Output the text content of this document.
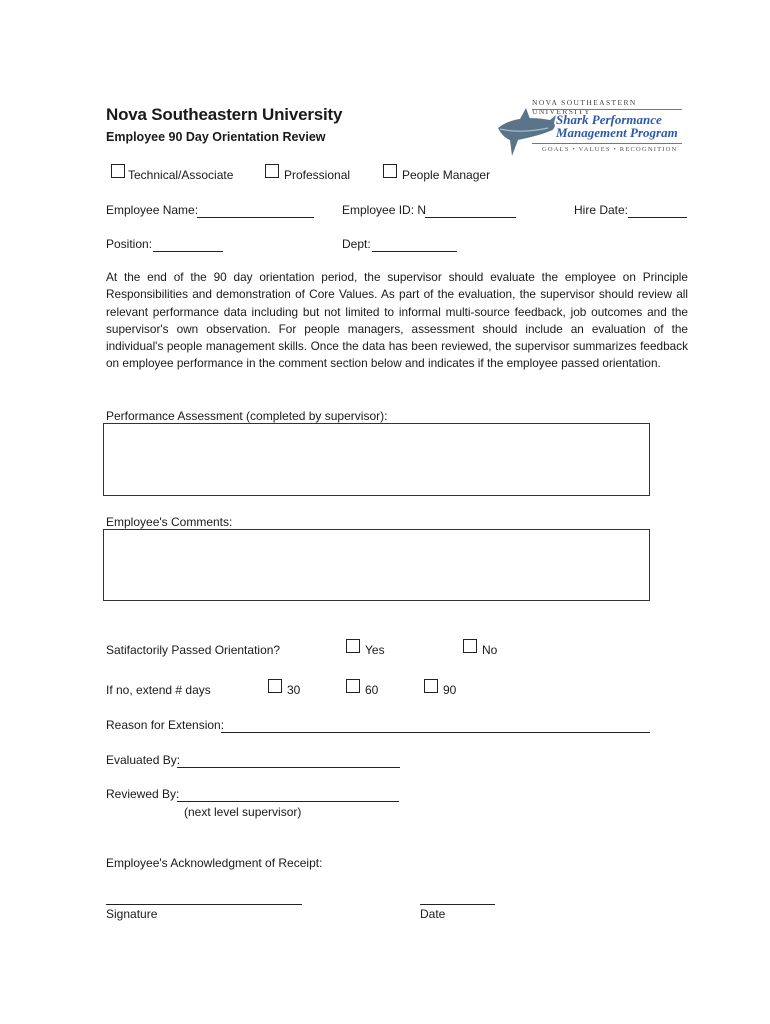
Nova Southeastern University
Employee 90 Day Orientation Review
NOVA SOUTHEASTERN UNIVERSITY
Shark Performance
Management Program
GOALS • VALUES • RECOGNITION
Technical/Associate	Professional	People Manager
Employee Name:	Employee ID: N	Hire Date:
Position:	Dept:
At the end of the 90 day orientation period, the supervisor should evaluate the employee on Principle Responsibilities and demonstration of Core Values. As part of the evaluation, the supervisor should review all relevant performance data including but not limited to informal multi-source feedback, job outcomes and the supervisor's own observation. For people managers, assessment should include an evaluation of the individual's people management skills. Once the data has been reviewed, the supervisor summarizes feedback on employee performance in the comment section below and indicates if the employee passed orientation.
Performance Assessment (completed by supervisor):
Employee's Comments:
Satifactorily Passed Orientation?	Yes	No
If no, extend # days	30	60	90
Reason for Extension:
Evaluated By:
Reviewed By:
(next level supervisor)
Employee's Acknowledgment of Receipt:
Signature	Date
